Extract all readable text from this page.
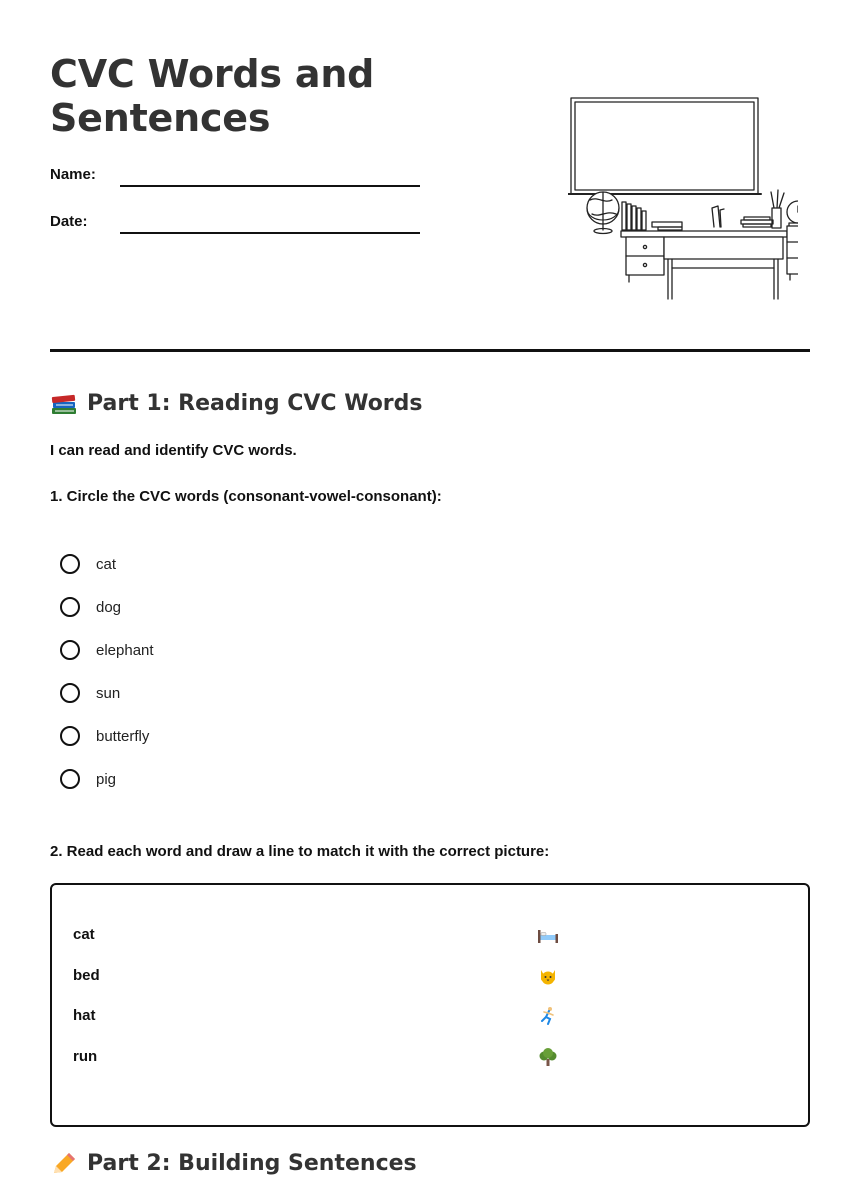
CVC Words and Sentences
Name:
Date:
Part 1: Reading CVC Words
I can read and identify CVC words.
1. Circle the CVC words (consonant-vowel-consonant):
cat
dog
elephant
sun
butterfly
pig
2. Read each word and draw a line to match it with the correct picture:
cat
bed
hat
run
Part 2: Building Sentences
